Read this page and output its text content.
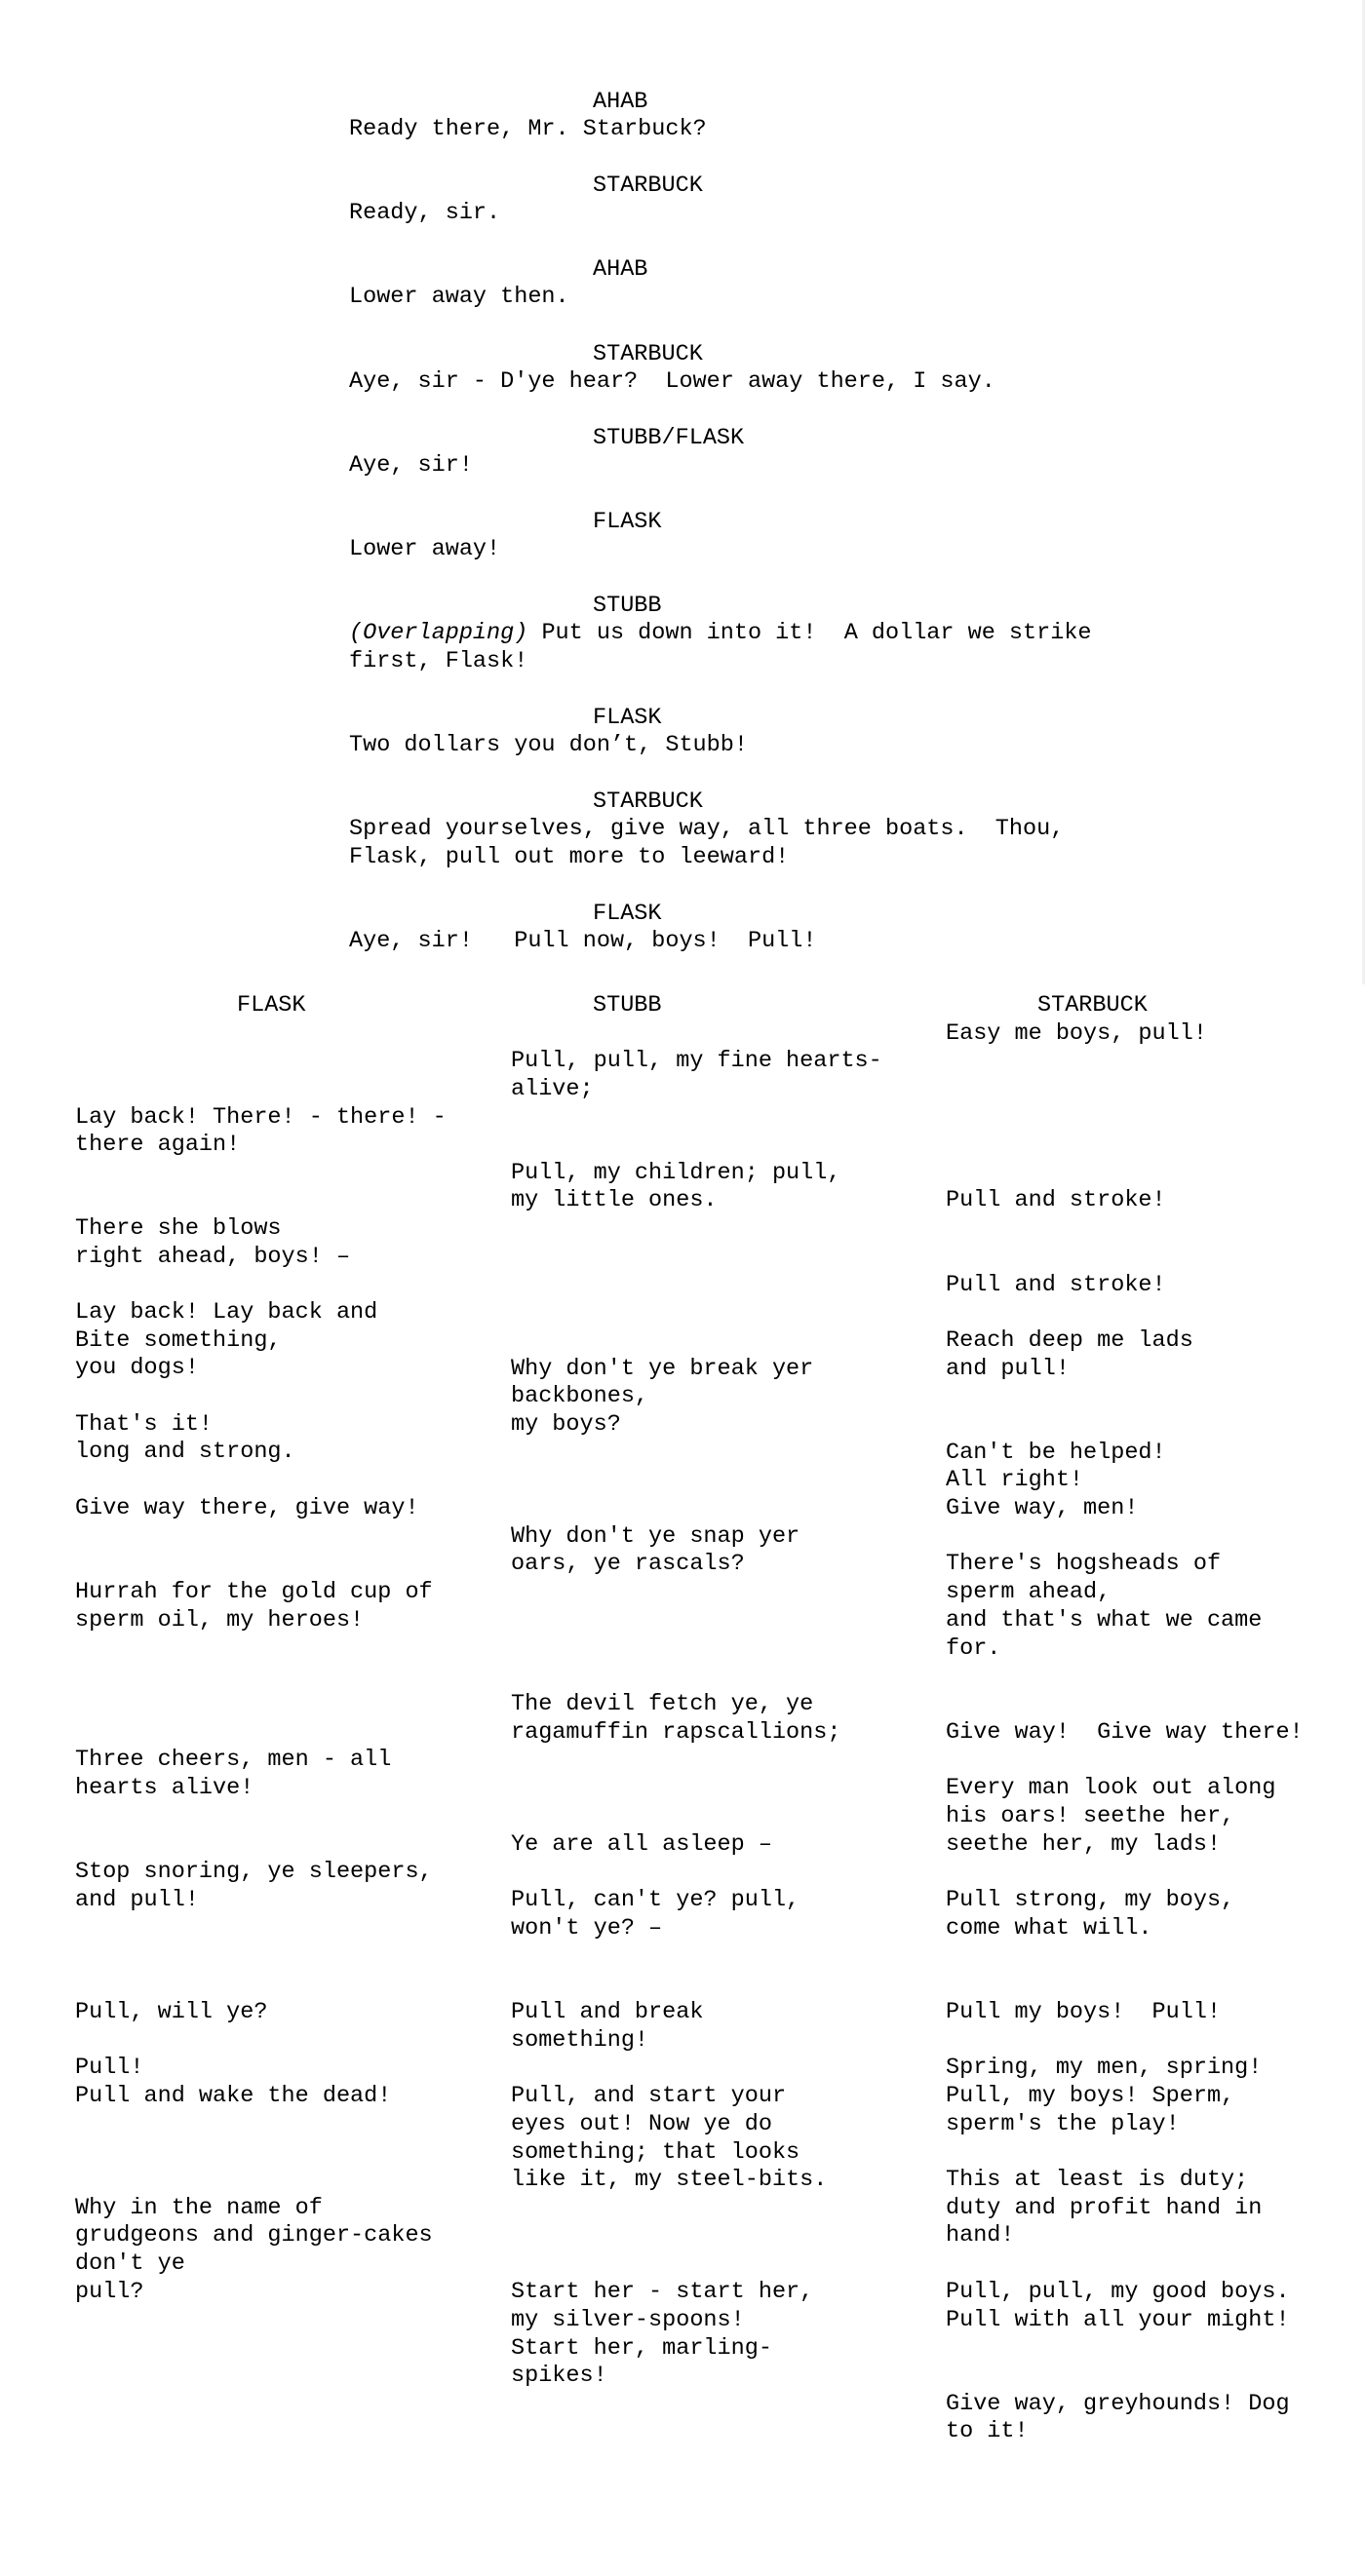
AHAB

Ready there, Mr. Starbuck?

STARBUCK

Ready, sir.

AHAB

Lower away then.

STARBUCK

Aye, sir - D'ye hear?  Lower away there, I say.

STUBB/FLASK

Aye, sir!

FLASK

Lower away!

STUBB

(Overlapping) Put us down into it!  A dollar we strike

first, Flask!

FLASK

Two dollars you don’t, Stubb!

STARBUCK

Spread yourselves, give way, all three boats.  Thou,

Flask, pull out more to leeward!

FLASK

Aye, sir!   Pull now, boys!  Pull!

FLASK	STUBB	STARBUCK

Lay back! There! - there! -

there again!

There she blows

right ahead, boys! –

Lay back! Lay back and

Bite something,

you dogs!

That's it!

long and strong.

Give way there, give way!

Hurrah for the gold cup of

sperm oil, my heroes!

Three cheers, men - all

hearts alive!

Stop snoring, ye sleepers,

and pull!

Pull, will ye?

Pull!

Pull and wake the dead!

Why in the name of

grudgeons and ginger-cakes

don't ye

pull?

Pull, pull, my fine hearts-

alive;

Pull, my children; pull,

my little ones.

Why don't ye break yer

backbones,

my boys?

Why don't ye snap yer

oars, ye rascals?

The devil fetch ye, ye

ragamuffin rapscallions;

Ye are all asleep –

Pull, can't ye? pull,

won't ye? –

Pull and break

something!

Pull, and start your

eyes out! Now ye do

something; that looks

like it, my steel-bits.

Start her - start her,

my silver-spoons!

Start her, marling-

spikes!

Easy me boys, pull!

Pull and stroke!

Pull and stroke!

Reach deep me lads

and pull!

Can't be helped!

All right!

Give way, men!

There's hogsheads of

sperm ahead,

and that's what we came

for.

Give way!  Give way there!

Every man look out along

his oars! seethe her,

seethe her, my lads!

Pull strong, my boys,

come what will.

Pull my boys!  Pull!

Spring, my men, spring!

Pull, my boys! Sperm,

sperm's the play!

This at least is duty;

duty and profit hand in

hand!

Pull, pull, my good boys.

Pull with all your might!

Give way, greyhounds! Dog

to it!
